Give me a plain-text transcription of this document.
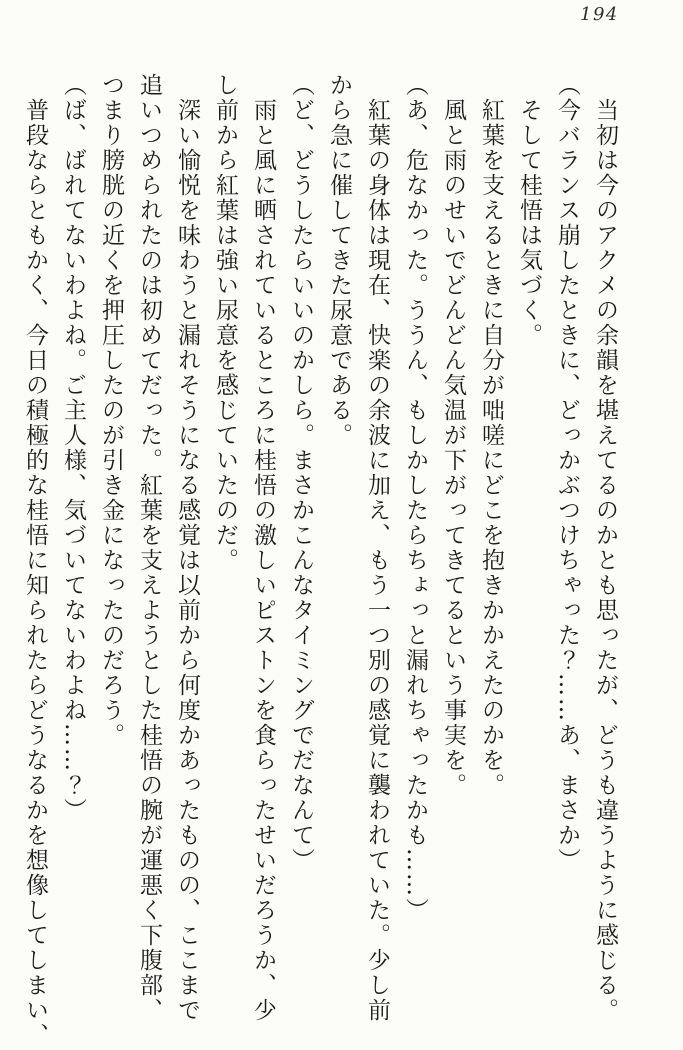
194

　当初は今のアクメの余韻を堪えてるのかとも思ったが、どうも違うように感じる。

（今バランス崩したときに、どっかぶつけちゃった？……あ、まさか）

　そして桂悟は気づく。

　紅葉を支えるときに自分が咄嗟にどこを抱きかかえたのかを。

　風と雨のせいでどんどん気温が下がってきてるという事実を。

（あ、危なかった。ううん、もしかしたらちょっと漏れちゃったかも……）

　紅葉の身体は現在、快楽の余波に加え、もう一つ別の感覚に襲われていた。少し前

から急に催してきた尿意である。

（ど、どうしたらいいのかしら。まさかこんなタイミングでだなんて）

　雨と風に晒されているところに桂悟の激しいピストンを食らったせいだろうか、少

し前から紅葉は強い尿意を感じていたのだ。

　深い愉悦を味わうと漏れそうになる感覚は以前から何度かあったものの、ここまで

追いつめられたのは初めてだった。紅葉を支えようとした桂悟の腕が運悪く下腹部、

つまり膀胱の近くを押圧したのが引き金になったのだろう。

（ば、ばれてないわよね。ご主人様、気づいてないわよね……？）

　普段ならともかく、今日の積極的な桂悟に知られたらどうなるかを想像してしまい、
